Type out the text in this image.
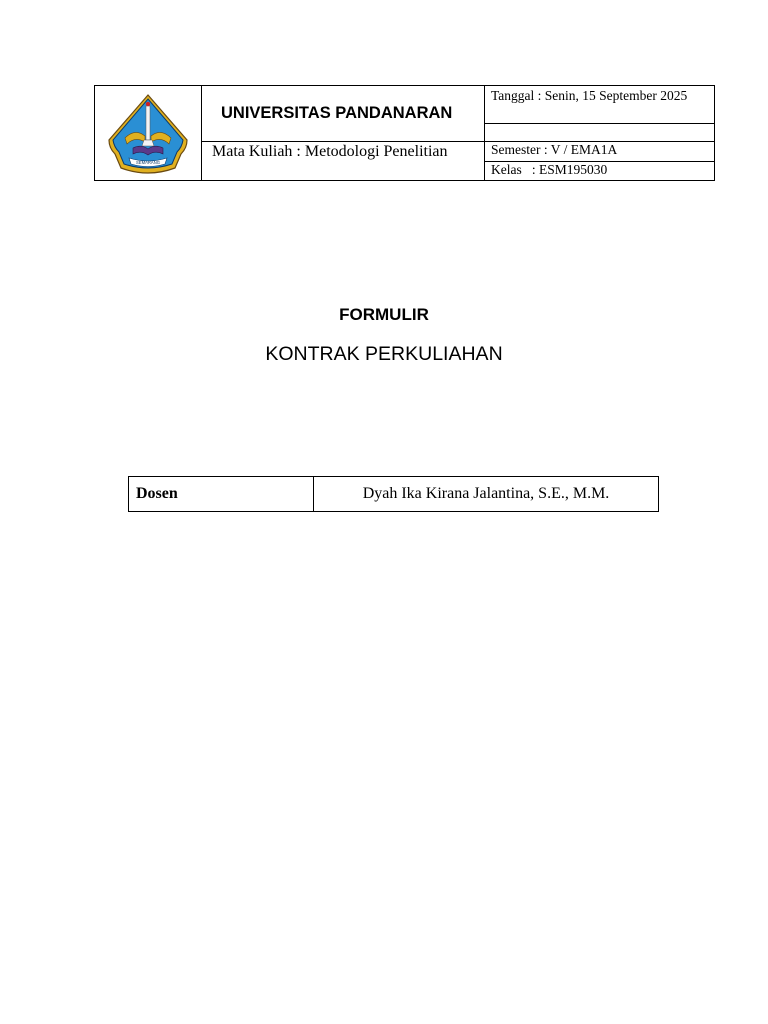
SEMARANG	UNIVERSITAS PANDANARAN	Tanggal : Senin, 15 September 2025

	Mata Kuliah : Metodologi Penelitian	Semester : V / EMA1A
		Kelas   : ESM195030
FORMULIR
KONTRAK PERKULIAHAN
Dosen	Dyah Ika Kirana Jalantina, S.E., M.M.
